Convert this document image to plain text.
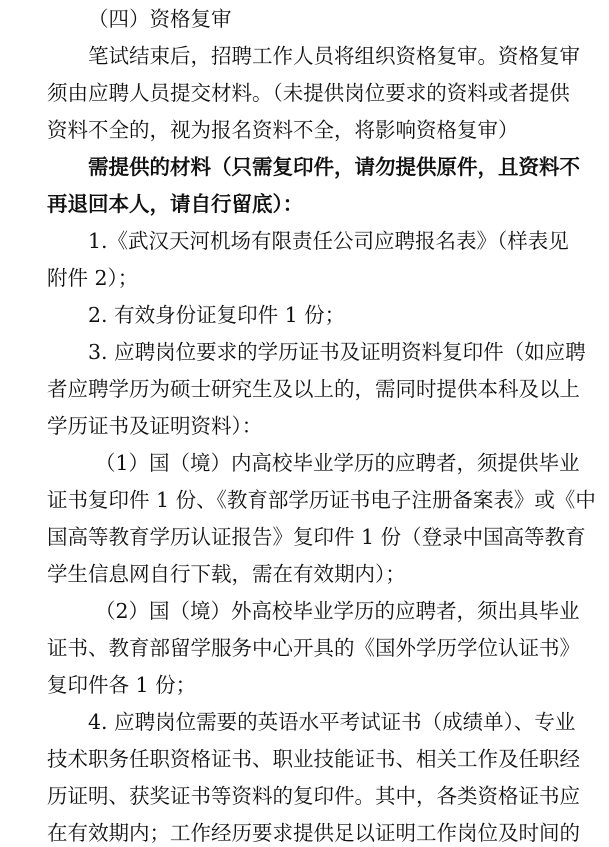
（四）资格复审
笔试结束后，招聘工作人员将组织资格复审。资格复审
须由应聘人员提交材料。（未提供岗位要求的资料或者提供
资料不全的，视为报名资料不全，将影响资格复审）
需提供的材料（只需复印件，请勿提供原件，且资料不
再退回本人，请自行留底）：
1.《武汉天河机场有限责任公司应聘报名表》（样表见
附件 2）；
2. 有效身份证复印件 1 份；
3. 应聘岗位要求的学历证书及证明资料复印件（如应聘
者应聘学历为硕士研究生及以上的，需同时提供本科及以上
学历证书及证明资料）：
（1）国（境）内高校毕业学历的应聘者，须提供毕业
证书复印件 1 份、《教育部学历证书电子注册备案表》或《中
国高等教育学历认证报告》复印件 1 份（登录中国高等教育
学生信息网自行下载，需在有效期内）；
（2）国（境）外高校毕业学历的应聘者，须出具毕业
证书、教育部留学服务中心开具的《国外学历学位认证书》
复印件各 1 份；
4. 应聘岗位需要的英语水平考试证书（成绩单）、专业
技术职务任职资格证书、职业技能证书、相关工作及任职经
历证明、获奖证书等资料的复印件。其中，各类资格证书应
在有效期内；工作经历要求提供足以证明工作岗位及时间的
